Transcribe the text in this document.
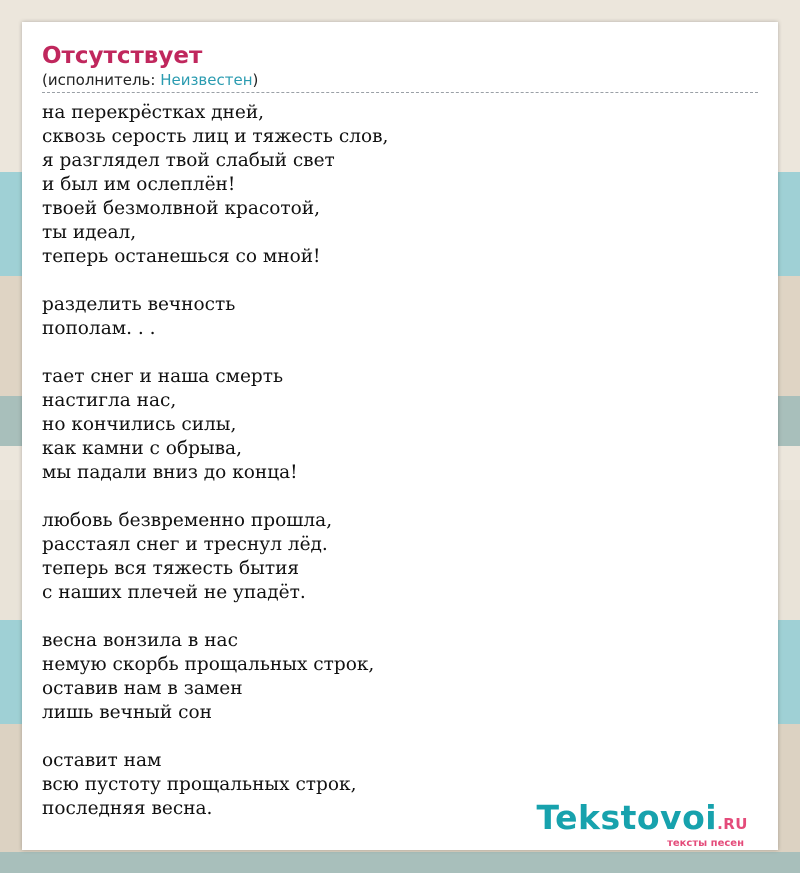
Отсутствует
(исполнитель: Неизвестен)
на перекрёстках дней,
сквозь серость лиц и тяжесть слов,
я разглядел твой слабый свет
и был им ослеплён!
твоей безмолвной красотой,
ты идеал,
теперь останешься со мной!
разделить вечность
пополам. . .
тает снег и наша смерть
настигла нас,
но кончились силы,
как камни с обрыва,
мы падали вниз до конца!
любовь безвременно прошла,
расстаял снег и треснул лёд.
теперь вся тяжесть бытия
с наших плечей не упадёт.
весна вонзила в нас
немую скорбь прощальных строк,
оставив нам в замен
лишь вечный сон
оставит нам
всю пустоту прощальных строк,
последняя весна.	Tekstovoi.RU
тексты песен
